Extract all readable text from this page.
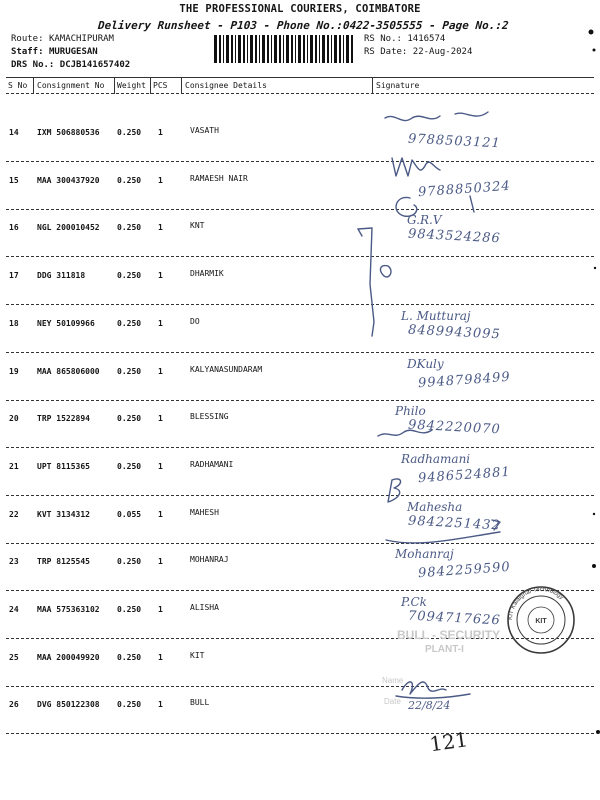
THE PROFESSIONAL COURIERS, COIMBATORE
Delivery Runsheet - P103 - Phone No.:0422-3505555 - Page No.:2
Route: KAMACHIPURAM
Staff: MURUGESAN
DRS No.: DCJB141657402
RS No.: 1416574
RS Date: 22-Aug-2024
S No Consignment No Weight PCS Consignee Details	Signature
14 IXM 506880536 0.250 1	VASATH
9788503121
15 MAA 300437920 0.250 1	RAMAESH NAIR
9788850324
16 NGL 200010452 0.250 1	KNT	G.R.V
9843524286
17 DDG 311818	0.250 1	DHARMIK
18 NEY 50109966	0.250 1	DO	L. Mutturaj
8489943095
19 MAA 865806000 0.250 1	KALYANASUNDARAM	DKuly
9948798499
20 TRP 1522894	0.250 1	BLESSING	Philo
9842220070
21 UPT 8115365	0.250 1	RADHAMANI	Radhamani
9486524881
22 KVT 3134312	0.055 1	MAHESH	Mahesha
9842251432
23 TRP 8125545	0.250 1	MOHANRAJ	Mohanraj
9842259590
24 MAA 575363102 0.250 1	ALISHA	P.Ck
7094717626
25 MAA 200049920 0.250 1	KIT
26 DVG 850122308 0.250 1	BULL
BULL - SECURITY
PLANT-I
Name
Date
KIT Kalaignar Technology
KIT
121
22/8/24
